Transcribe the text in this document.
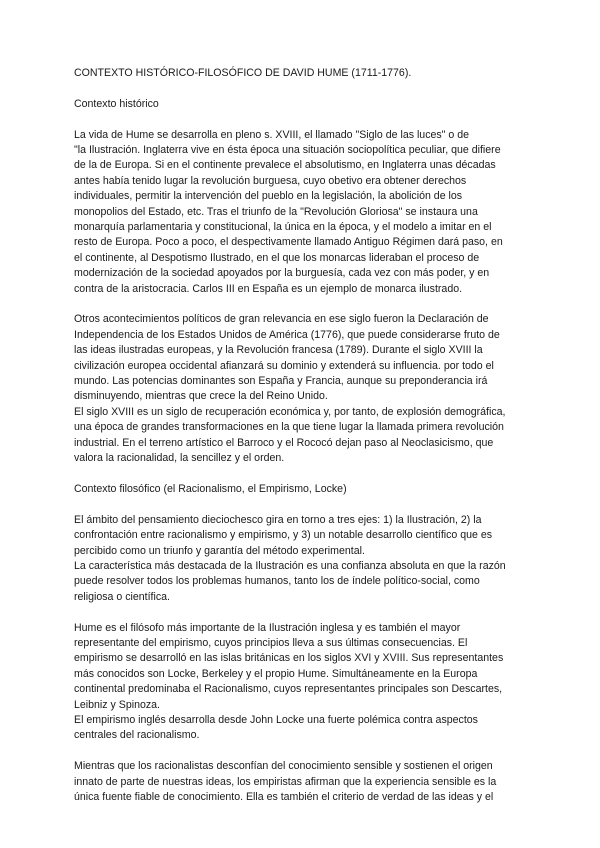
CONTEXTO HISTÓRICO-FILOSÓFICO DE DAVID HUME (1711-1776).
Contexto histórico
La vida de Hume se desarrolla en pleno s. XVIII, el llamado "Siglo de las luces" o de
"la Ilustración. Inglaterra vive en ésta época una situación sociopolítica peculiar, que difiere
de la de Europa. Si en el continente prevalece el absolutismo, en Inglaterra unas décadas
antes había tenido lugar la revolución burguesa, cuyo obetivo era obtener derechos
individuales, permitir la intervención del pueblo en la legislación, la abolición de los
monopolios del Estado, etc. Tras el triunfo de la "Revolución Gloriosa" se instaura una
monarquía parlamentaria y constitucional, la única en la época, y el modelo a imitar en el
resto de Europa. Poco a poco, el despectivamente llamado Antiguo Régimen dará paso, en
el continente, al Despotismo Ilustrado, en el que los monarcas lideraban el proceso de
modernización de la sociedad apoyados por la burguesía, cada vez con más poder, y en
contra de la aristocracia. Carlos III en España es un ejemplo de monarca ilustrado.
Otros acontecimientos políticos de gran relevancia en ese siglo fueron la Declaración de
Independencia de los Estados Unidos de América (1776), que puede considerarse fruto de
las ideas ilustradas europeas, y la Revolución francesa (1789). Durante el siglo XVIII la
civilización europea occidental afianzará su dominio y extenderá su influencia. por todo el
mundo. Las potencias dominantes son España y Francia, aunque su preponderancia irá
disminuyendo, mientras que crece la del Reino Unido.
El siglo XVIII es un siglo de recuperación económica y, por tanto, de explosión demográfica,
una época de grandes transformaciones en la que tiene lugar la llamada primera revolución
industrial. En el terreno artístico el Barroco y el Rococó dejan paso al Neoclasicismo, que
valora la racionalidad, la sencillez y el orden.
Contexto filosófico (el Racionalismo, el Empirismo, Locke)
El ámbito del pensamiento dieciochesco gira en torno a tres ejes: 1) la Ilustración, 2) la
confrontación entre racionalismo y empirismo, y 3) un notable desarrollo científico que es
percibido como un triunfo y garantía del método experimental.
La característica más destacada de la Ilustración es una confianza absoluta en que la razón
puede resolver todos los problemas humanos, tanto los de índele político-social, como
religiosa o científica.
Hume es el filósofo más importante de la Ilustración inglesa y es también el mayor
representante del empirismo, cuyos principios lleva a sus últimas consecuencias. El
empirismo se desarrolló en las islas británicas en los siglos XVI y XVIII. Sus representantes
más conocidos son Locke, Berkeley y el propio Hume. Simultáneamente en la Europa
continental predominaba el Racionalismo, cuyos representantes principales son Descartes,
Leibniz y Spinoza.
El empirismo inglés desarrolla desde John Locke una fuerte polémica contra aspectos
centrales del racionalismo.
Mientras que los racionalistas desconfían del conocimiento sensible y sostienen el origen
innato de parte de nuestras ideas, los empiristas afirman que la experiencia sensible es la
única fuente fiable de conocimiento. Ella es también el criterio de verdad de las ideas y el
